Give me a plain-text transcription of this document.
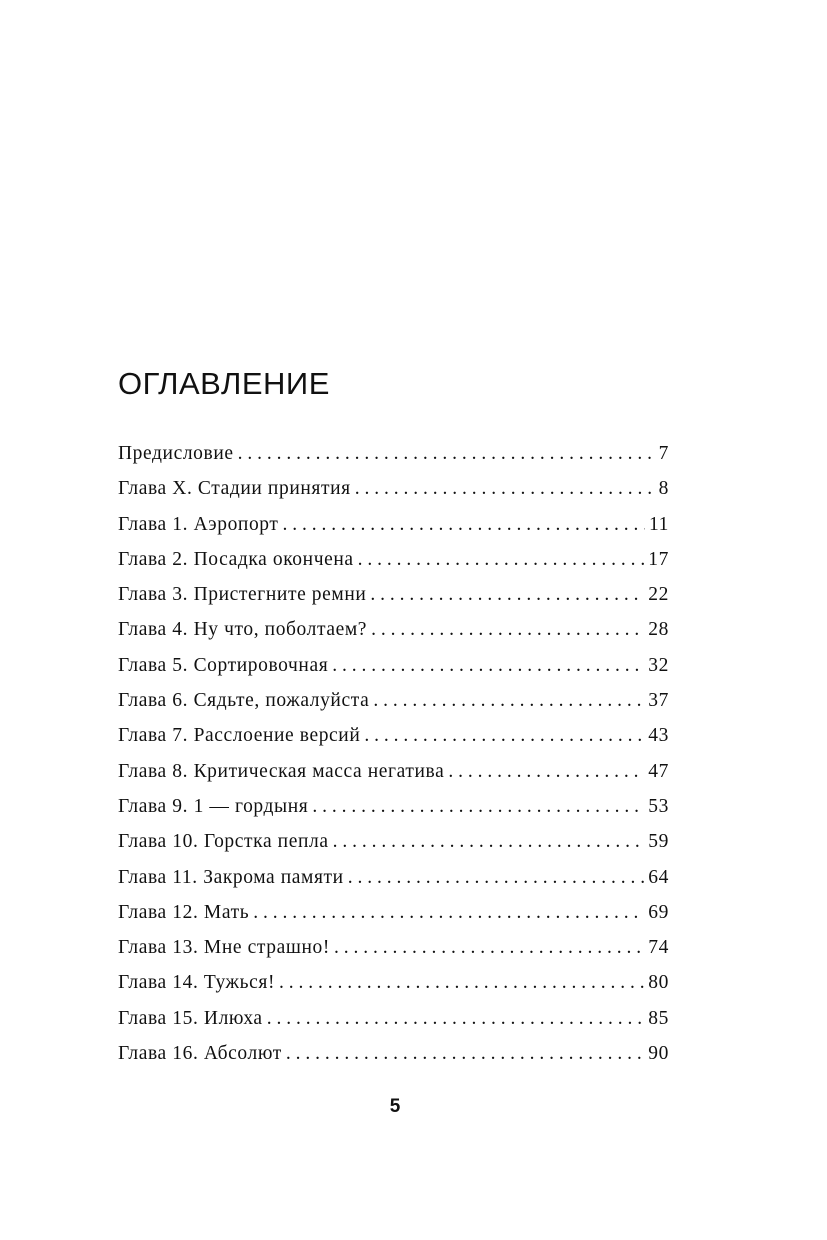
ОГЛАВЛЕНИЕ
Предисловие . . .	7
Глава X. Стадии принятия . . .	8
Глава 1. Аэропорт . . .	11
Глава 2. Посадка окончена . . .	17
Глава 3. Пристегните ремни . . .	22
Глава 4. Ну что, поболтаем? . . .	28
Глава 5. Сортировочная . . .	32
Глава 6. Сядьте, пожалуйста . . .	37
Глава 7. Расслоение версий . . .	43
Глава 8. Критическая масса негатива . . .	47
Глава 9. 1 — гордыня . . .	53
Глава 10. Горстка пепла . . .	59
Глава 11. Закрома памяти . . .	64
Глава 12. Мать . . .	69
Глава 13. Мне страшно! . . .	74
Глава 14. Тужься! . . .	80
Глава 15. Илюха . . .	85
Глава 16. Абсолют . . .	90

5
